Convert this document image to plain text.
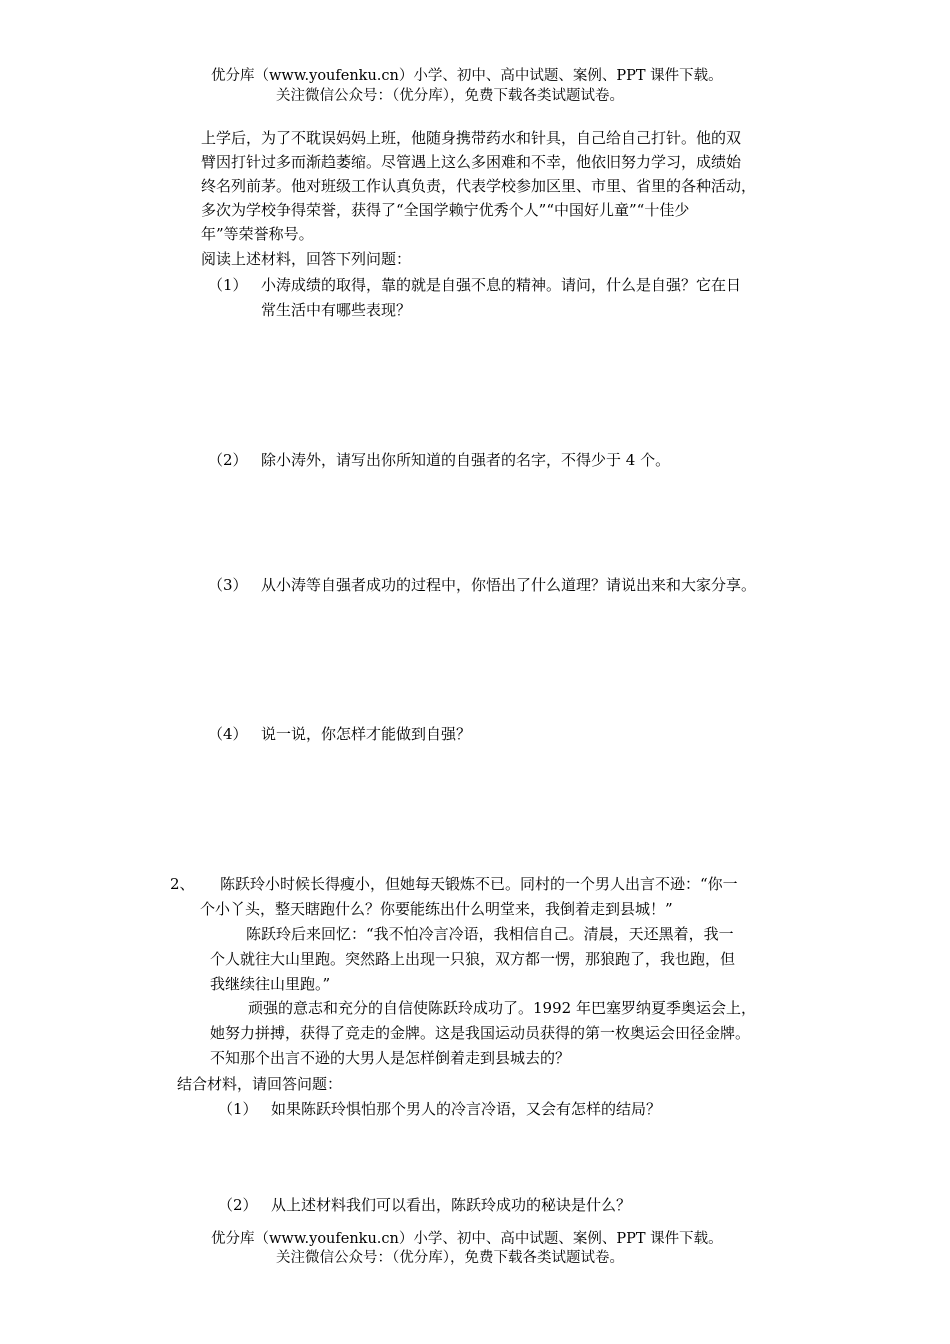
优分库（www.youfenku.cn）小学、初中、高中试题、案例、PPT 课件下载。
关注微信公众号：（优分库），免费下载各类试题试卷。
上学后，为了不耽误妈妈上班，他随身携带药水和针具，自己给自己打针。他的双
臂因打针过多而渐趋萎缩。尽管遇上这么多困难和不幸，他依旧努力学习，成绩始
终名列前茅。他对班级工作认真负责，代表学校参加区里、市里、省里的各种活动，
多次为学校争得荣誉，获得了“全国学赖宁优秀个人”“中国好儿童”“十佳少
年”等荣誉称号。
阅读上述材料，回答下列问题：
（1） 小涛成绩的取得，靠的就是自强不息的精神。请问，什么是自强？它在日
常生活中有哪些表现？
（2） 除小涛外，请写出你所知道的自强者的名字，不得少于 4 个。
（3） 从小涛等自强者成功的过程中，你悟出了什么道理？请说出来和大家分享。
（4） 说一说，你怎样才能做到自强？
2、 陈跃玲小时候长得瘦小，但她每天锻炼不已。同村的一个男人出言不逊：“你一
个小丫头，整天瞎跑什么？你要能练出什么明堂来，我倒着走到县城！”
陈跃玲后来回忆：“我不怕冷言冷语，我相信自己。清晨，天还黑着，我一
个人就往大山里跑。突然路上出现一只狼，双方都一愣，那狼跑了，我也跑，但
我继续往山里跑。”
顽强的意志和充分的自信使陈跃玲成功了。1992 年巴塞罗纳夏季奥运会上，
她努力拼搏，获得了竞走的金牌。这是我国运动员获得的第一枚奥运会田径金牌。
不知那个出言不逊的大男人是怎样倒着走到县城去的？
结合材料，请回答问题：
（1） 如果陈跃玲惧怕那个男人的冷言冷语，又会有怎样的结局？
（2） 从上述材料我们可以看出，陈跃玲成功的秘诀是什么？
优分库（www.youfenku.cn）小学、初中、高中试题、案例、PPT 课件下载。
关注微信公众号：（优分库），免费下载各类试题试卷。
